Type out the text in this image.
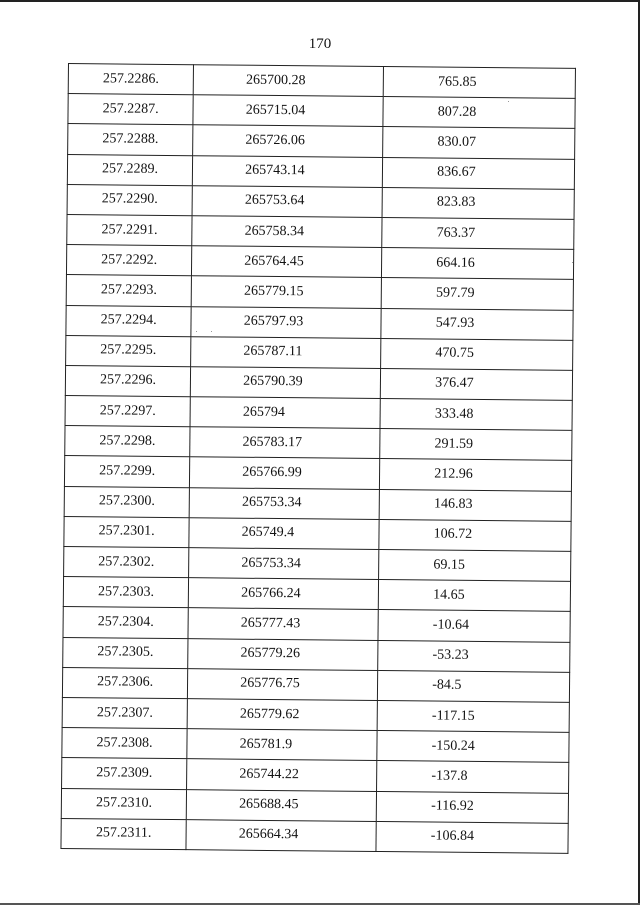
170
257.2286.	265700.28	765.85
257.2287.	265715.04	807.28
257.2288.	265726.06	830.07
257.2289.	265743.14	836.67
257.2290.	265753.64	823.83
257.2291.	265758.34	763.37
257.2292.	265764.45	664.16
257.2293.	265779.15	597.79
257.2294.	265797.93	547.93
257.2295.	265787.11	470.75
257.2296.	265790.39	376.47
257.2297.	265794	333.48
257.2298.	265783.17	291.59
257.2299.	265766.99	212.96
257.2300.	265753.34	146.83
257.2301.	265749.4	106.72
257.2302.	265753.34	69.15
257.2303.	265766.24	14.65
257.2304.	265777.43	-10.64
257.2305.	265779.26	-53.23
257.2306.	265776.75	-84.5
257.2307.	265779.62	-117.15
257.2308.	265781.9	-150.24
257.2309.	265744.22	-137.8
257.2310.	265688.45	-116.92
257.2311.	265664.34	-106.84
